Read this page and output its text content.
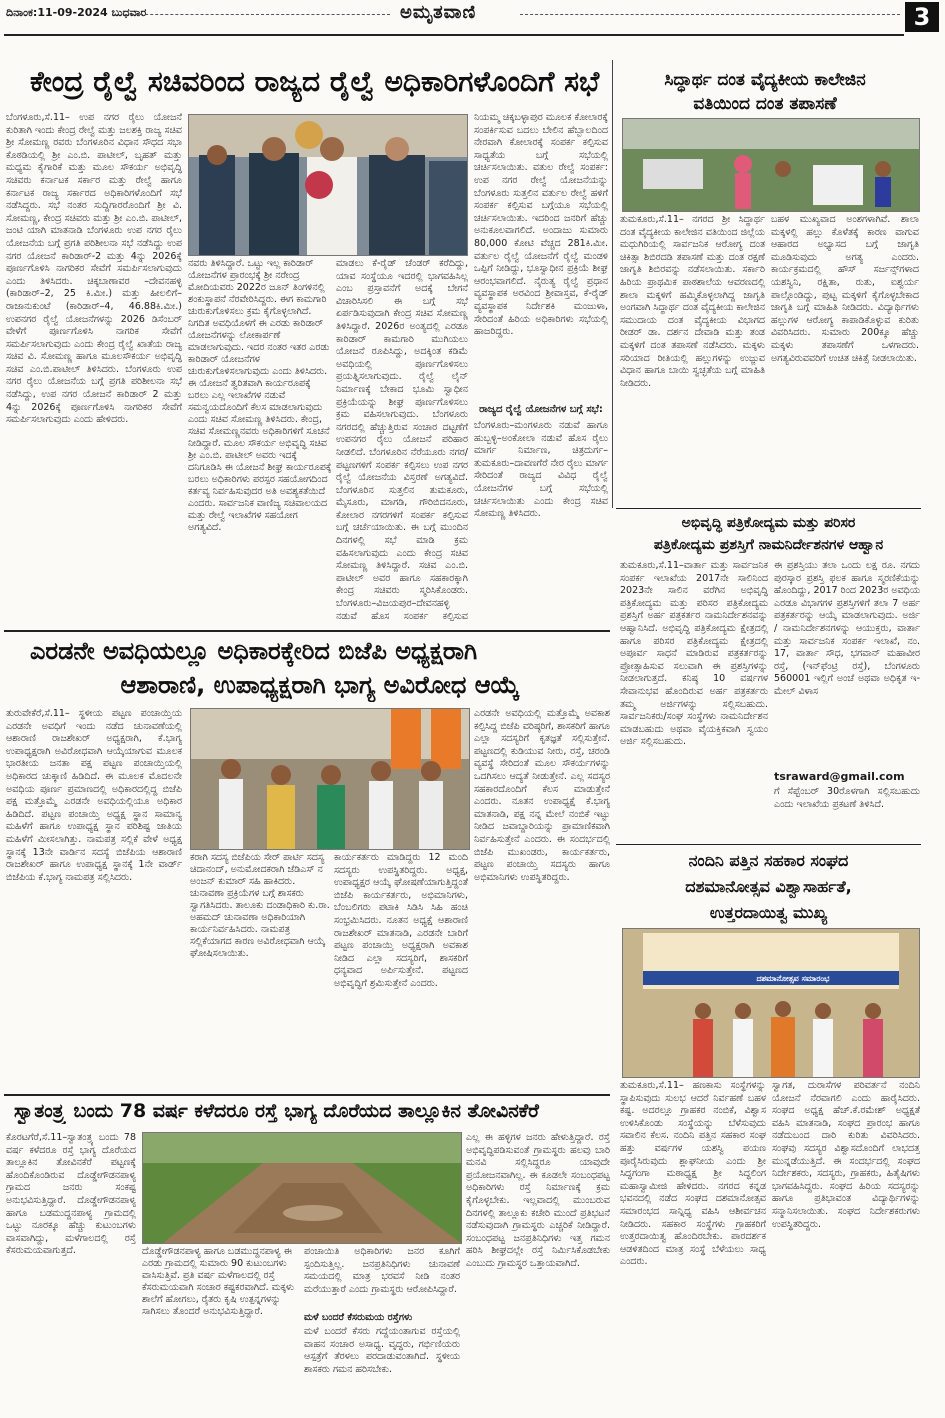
ದಿನಾಂಕ:11-09-2024 ಬುಧವಾರ	ಅಮೃತವಾಣಿ	3
ಕೇಂದ್ರ ರೈಲ್ವೆ ಸಚಿವರಿಂದ ರಾಜ್ಯದ ರೈಲ್ವೆ ಅಧಿಕಾರಿಗಳೊಂದಿಗೆ ಸಭೆ	ಸಿದ್ಧಾರ್ಥ ದಂತ ವೈದ್ಯಕೀಯ ಕಾಲೇಜಿನ
ವತಿಯಿಂದ ದಂತ ತಪಾಸಣೆ
ಬೆಂಗಳೂರು,ಸೆ.11– ಉಪ ನಗರ ರೈಲು ಯೋಜನೆ ಕುರಿತಾಗಿ ಇಂದು ಕೇಂದ್ರ ರೇಲ್ವೆ ಮತ್ತು ಜಲಶಕ್ತಿ ರಾಜ್ಯ ಸಚಿವ ಶ್ರೀ ಸೋಮಣ್ಣ ರವರು ಬೆಂಗಳೂರಿನ ವಿಧಾನ ಸೌಧದ ಸಭಾ ಕೊಠಡಿಯಲ್ಲಿ ಶ್ರೀ ಎಂ.ಬಿ. ಪಾಟೀಲ್, ಬೃಹತ್ ಮತ್ತು ಮಧ್ಯಮ ಕೈಗಾರಿಕೆ ಮತ್ತು ಮೂಲ ಸೌಕರ್ಯ ಅಭಿವೃದ್ಧಿ ಸಚಿವರು ಕರ್ನಾಟಕ ಸರ್ಕಾರ ಮತ್ತು ರೇಲ್ವೆ ಹಾಗೂ ಕರ್ನಾಟಕ ರಾಜ್ಯ ಸರ್ಕಾರದ ಅಧಿಕಾರಿಗಳೊಂದಿಗೆ ಸಭೆ ನಡೆಸಿದ್ದರು. ಸಭೆ ನಂತರ ಸುದ್ದಿಗಾರರೊಂದಿಗೆ ಶ್ರೀ ವಿ. ಸೋಮಣ್ಣ, ಕೇಂದ್ರ ಸಚಿವರು ಮತ್ತು ಶ್ರೀ ಎಂ.ಬಿ. ಪಾಟೀಲ್, ಜಂಟಿ ಯಾಗಿ ಮಾತನಾಡಿ ಬೆಂಗಳೂರು ಉಪ ನಗರ ರೈಲು ಯೋಜನೆಯ ಬಗ್ಗೆ ಪ್ರಗತಿ ಪರಿಶೀಲನಾ ಸಭೆ ನಡೆಸಿದ್ದು ಉಪ ನಗರ ಯೋಜನೆ ಕಾರಿಡಾರ್-2 ಮತ್ತು 4ನ್ನು 2026ಕ್ಕೆ ಪೂರ್ಣಗೊಳಿಸಿ ನಾಗರಿಕರ ಸೇವೆಗೆ ಸಮರ್ಪಿಸಲಾಗುವುದು ಎಂದು ತಿಳಿಸಿದರು. ಚಿಕ್ಕಬಾಣಾವರ –ದೇವನಹಳ್ಳಿ (ಕಾರಿಡಾರ್–2, 25 ಕಿ.ಮೀ.) ಮತ್ತು ಹೀಲಲಿಗೆ–ರಾಜಾನುಕುಂಟೆ (ಕಾರಿಡಾರ್–4, 46.88ಕಿ.ಮೀ.) ಉಪನಗರ ರೈಲ್ವೆ ಯೋಜನೆಗಳನ್ನು 2026 ಡಿಸೆಂಬರ್ ವೇಳೆಗೆ ಪೂರ್ಣಗೊಳಿಸಿ ನಾಗರಿಕ ಸೇವೆಗೆ ಸಮರ್ಪಿಸಲಾಗುವುದು ಎಂದು ಕೇಂದ್ರ ರೈಲ್ವೆ ಖಾತೆಯ ರಾಜ್ಯ ಸಚಿವ ವಿ. ಸೋಮಣ್ಣ ಹಾಗೂ ಮೂಲಸೌಕರ್ಯ ಅಭಿವೃದ್ಧಿ ಸಚಿವ ಎಂ.ಬಿ.ಪಾಟೀಲ್ ತಿಳಿಸಿದರು. ಬೆಂಗಳೂರು ಉಪ ನಗರ ರೈಲು ಯೋಜನೆಯ ಬಗ್ಗೆ ಪ್ರಗತಿ ಪರಿಶೀಲನಾ ಸಭೆ ನಡೆಸಿದ್ದು, ಉಪ ನಗರ ಯೋಜನೆ ಕಾರಿಡಾರ್ 2 ಮತ್ತು 4ನ್ನು 2026ಕ್ಕೆ ಪೂರ್ಣಗೊಳಿಸಿ ನಾಗರಿಕರ ಸೇವೆಗೆ ಸಮರ್ಪಿಸಲಾಗುವುದು ಎಂದು ಹೇಳಿದರು.
ನವರು ತಿಳಿಸಿದ್ದಾರೆ. ಒಟ್ಟು ಇಲ್ಲ ಕಾರಿಡಾರ್ ಯೋಜನೆಗಳ ಪ್ರಾರಂಭಕ್ಕೆ ಶ್ರೀ ನರೇಂದ್ರ ಮೋದಿಯವರು 2022ರ ಜೂನ್ ತಿಂಗಳಿನಲ್ಲಿ ಶಂಕುಸ್ಥಾಪನೆ ನೆರವೇರಿಸಿದ್ದರು. ಈಗ ಕಾಮಗಾರಿ ಚುರುಕುಗೊಳಿಸಲು ಕ್ರಮ ಕೈಗೊಳ್ಳಲಾಗಿದೆ. ನಿಗದಿತ ಅವಧಿಯೊಳಗೆ ಈ ಎರಡು ಕಾರಿಡಾರ್ ಯೋಜನೆಗಳನ್ನು ಲೋಕಾರ್ಪಣೆ ಮಾಡಲಾಗುವುದು. ಇದರ ನಂತರ ಇತರ ಎರಡು ಕಾರಿಡಾರ್ ಯೋಜನೆಗಳ ಚುರುಕುಗೊಳಿಸಲಾಗುವುದು ಎಂದು ತಿಳಿಸಿದರು. ಈ ಯೋಜನೆ ತ್ವರಿತವಾಗಿ ಕಾರ್ಯರೂಪಕ್ಕೆ ಬರಲು ಎಲ್ಲ ಇಲಾಖೆಗಳ ನಡುವೆ ಸಮನ್ವಯದೊಂದಿಗೆ ಕೆಲಸ ಮಾಡಲಾಗುವುದು ಎಂದು ಸಚಿವ ಸೋಮಣ್ಣ ತಿಳಿಸಿದರು. ಕೇಂದ್ರ, ಸಚಿವ ಸೋಮಣ್ಣನವರು ಅಧಿಕಾರಿಗಳಿಗೆ ಸೂಚನೆ ನೀಡಿದ್ದಾರೆ. ಮೂಲ ಸೌಕರ್ಯ ಅಭಿವೃದ್ಧಿ ಸಚಿವ ಶ್ರೀ ಎಂ.ಬಿ. ಪಾಟೀಲ್ ಅವರು ಇದಕ್ಕೆ ದನಿಗೂಡಿಸಿ ಈ ಯೋಜನೆ ಶೀಘ್ರ ಕಾರ್ಯರೂಪಕ್ಕೆ ಬರಲು ಅಧಿಕಾರಿಗಳು ಪರಸ್ಪರ ಸಹಯೋಗದಿಂದ ಕರ್ತವ್ಯ ನಿರ್ವಹಿಸುವುದರ ಅತಿ ಅವಶ್ಯಕತೆಯಿದೆ ಎಂದರು. ಸಾರ್ವಜನಿಕ ವಾಣಿಜ್ಯ ಸಚಿವಾಲಯದ ಮತ್ತು ರೇಲ್ವೆ ಇಲಾಖೆಗಳ ಸಹಯೋಗ ಅಗತ್ಯವಿದೆ.
ಮಾಡಲು ಕೆ-ರೈಡ್ ಚೆಂಡರ್ ಕರೆದಿದ್ದು, ಯಾವ ಸಂಸ್ಥೆಯೂ ಇದರಲ್ಲಿ ಭಾಗವಹಿಸಿಲ್ಲ ಎಂಬ ಪ್ರಸ್ತಾವನೆಗೆ ಅದಕ್ಕೆ ಬೇಗನೆ ವಿಚಾರಿಸಿಸಲಿ ಈ ಬಗ್ಗೆ ಸಭೆ ಏರ್ಪಡಿಸುವುದಾಗಿ ಕೇಂದ್ರ ಸಚಿವ ಸೋಮಣ್ಣ ತಿಳಿಸಿದ್ದಾರೆ. 2026ರ ಅಂತ್ಯದಲ್ಲಿ ಎರಡೂ ಕಾರಿಡಾರ್ ಕಾಮಗಾರಿ ಮುಗಿಯಲು ಯೋಜನೆ ರೂಪಿಸಿದ್ದು, ಅದಕ್ಕಿಂತ ಕಡಿಮೆ ಅವಧಿಯಲ್ಲಿ ಪೂರ್ಣಗೊಳಿಸಲು ಪ್ರಯತ್ನಿಸಲಾಗುವುದು. ರೈಲ್ವೆ ಲೈನ್ ನಿರ್ಮಾಣಕ್ಕೆ ಬೇಕಾದ ಭೂಮಿ ಸ್ವಾಧೀನ ಪ್ರಕ್ರಿಯೆಯನ್ನು ಶೀಘ್ರ ಪೂರ್ಣಗೊಳಿಸಲು ಕ್ರಮ ವಹಿಸಲಾಗುವುದು. ಬೆಂಗಳೂರು ನಗರದಲ್ಲಿ ಹೆಚ್ಚುತ್ತಿರುವ ಸಂಚಾರ ದಟ್ಟಣೆಗೆ ಉಪನಗರ ರೈಲು ಯೋಜನೆ ಪರಿಹಾರ ನೀಡಲಿದೆ. ಬೆಂಗಳೂರಿನ ನೆರೆಯೂರು ನಗರ/ಪಟ್ಟಣಗಳಿಗೆ ಸಂಪರ್ಕ ಕಲ್ಪಿಸಲು ಉಪ ನಗರ ರೈಲ್ವೆ ಯೋಜನೆಯ ವಿಸ್ತರಣೆ ಅಗತ್ಯವಿದೆ. ಬೆಂಗಳೂರಿನ ಸುತ್ತಲಿನ ತುಮಕೂರು, ಮೈಸೂರು, ಮಾಗಡಿ, ಗೌರಿಬಿದನೂರು, ಕೋಲಾರ ನಗರಗಳಿಗೆ ಸಂಪರ್ಕ ಕಲ್ಪಿಸುವ ಬಗ್ಗೆ ಚರ್ಚೆಯಾಯಿತು. ಈ ಬಗ್ಗೆ ಮುಂದಿನ ದಿನಗಳಲ್ಲಿ ಸಭೆ ಮಾಡಿ ಕ್ರಮ ವಹಿಸಲಾಗುವುದು ಎಂದು ಕೇಂದ್ರ ಸಚಿವ ಸೋಮಣ್ಣ ತಿಳಿಸಿದ್ದಾರೆ. ಸಚಿವ ಎಂ.ಬಿ. ಪಾಟೀಲ್ ಅವರ ಹಾಗೂ ಸಹಕಾರಕ್ಕಾಗಿ ಕೇಂದ್ರ ಸಚಿವರು ಸ್ಮರಿಸಿಕೊಂಡರು. ಬೆಂಗಳೂರು–ವಿಜಯಪುರ–ದೇವನಹಳ್ಳಿ ನಡುವೆ ಹೊಸ ಸಂಪರ್ಕ ಕಲ್ಪಿಸುವ
ನಿಯಮ್ಮ ಚಿಕ್ಕಬಳ್ಳಾಪುರ ಮೂಲಕ ಕೋಲಾರಕ್ಕೆ ಸಂಪರ್ಕಿಸುವ ಬದಲು ಬೇಲಿನ ಹೆಬ್ಬಾಲದಿಂದ ನೇರವಾಗಿ ಕೋಲಾರಕ್ಕೆ ಸಂಪರ್ಕ ಕಲ್ಪಿಸುವ ಸಾಧ್ಯತೆಯ ಬಗ್ಗೆ ಸಭೆಯಲ್ಲಿ ಚರ್ಚಿಸಲಾಯಿತು. ವತುಲ ರೇಲ್ವೆ ಸಂಪರ್ಕ: ಉಪ ನಗರ ರೇಲ್ವೆ ಯೋಜನೆಯನ್ನು ಬೆಂಗಳೂರು ಸುತ್ತಲಿನ ವರ್ತುಲ ರೇಲ್ವೆ ಹಳಿಗೆ ಸಂಪರ್ಕ ಕಲ್ಪಿಸುವ ಬಗ್ಗೆಯೂ ಸಭೆಯಲ್ಲಿ ಚರ್ಚಿಸಲಾಯಿತು. ಇದರಿಂದ ಜನರಿಗೆ ಹೆಚ್ಚು ಅನುಕೂಲವಾಗಲಿದೆ. ಅಂದಾಜು ಸುಮಾರು 80,000 ಕೋಟಿ ವೆಚ್ಚದ 281ಕಿ.ಮೀ. ವರ್ತುಲ ರೈಲ್ವೆ ಯೋಜನೆಗೆ ರೈಲ್ವೆ ಮಂಡಳಿ ಒಪ್ಪಿಗೆ ನೀಡಿದ್ದು, ಭೂಸ್ವಾಧೀನ ಪ್ರಕ್ರಿಯೆ ಶೀಘ್ರ ಆರಂಭವಾಗಲಿದೆ. ನೈರುತ್ಯ ರೈಲ್ವೆ ಪ್ರಧಾನ ವ್ಯವಸ್ಥಾಪಕ ಅರವಿಂದ ಶ್ರೀವಾಸ್ತವ, ಕೆ-ರೈಡ್ ವ್ಯವಸ್ಥಾಪಕ ನಿರ್ದೇಶಕಿ ಮಂಜುಳಾ, ಸೇರಿದಂತೆ ಹಿರಿಯ ಅಧಿಕಾರಿಗಳು ಸಭೆಯಲ್ಲಿ ಹಾಜರಿದ್ದರು.
ರಾಜ್ಯದ ರೈಲ್ವೆ ಯೋಜನೆಗಳ ಬಗ್ಗೆ ಸಭೆ:
ಬೆಂಗಳೂರು–ಮಂಗಳೂರು ನಡುವೆ ಹಾಗೂ ಹುಬ್ಬಳ್ಳಿ–ಅಂಕೋಲಾ ನಡುವೆ ಹೊಸ ರೈಲು ಮಾರ್ಗ ನಿರ್ಮಾಣ, ಚಿತ್ರದುರ್ಗ–ತುಮಕೂರು–ದಾವಣಗೆರೆ ನೇರ ರೈಲು ಮಾರ್ಗ ಸೇರಿದಂತೆ ರಾಜ್ಯದ ವಿವಿಧ ರೈಲ್ವೆ ಯೋಜನೆಗಳ ಬಗ್ಗೆ ಸಭೆಯಲ್ಲಿ ಚರ್ಚಿಸಲಾಯಿತು ಎಂದು ಕೇಂದ್ರ ಸಚಿವ ಸೋಮಣ್ಣ ತಿಳಿಸಿದರು.
ತುಮಕೂರು,ಸೆ.11– ನಗರದ ಶ್ರೀ ಸಿದ್ಧಾರ್ಥ ದಂತ ವೈದ್ಯಕೀಯ ಕಾಲೇಜಿನ ವತಿಯಿಂದ ಜಿಲ್ಲೆಯ ಮಧುಗಿರಿಯಲ್ಲಿ ಸಾರ್ವಜನಿಕ ಆರೋಗ್ಯ ದಂತ ಚಿಕಿತ್ಸಾ ಶಿಬಿರದಡಿ ತಪಾಸಣೆ ಮತ್ತು ದಂತ ರಕ್ಷಣೆ ಜಾಗೃತಿ ಶಿಬಿರವನ್ನು ನಡೆಸಲಾಯಿತು. ಸರ್ಕಾರಿ ಹಿರಿಯ ಪ್ರಾಥಮಿಕ ಪಾಠಶಾಲೆಯ ಆವರಣದಲ್ಲಿ ಶಾಲಾ ಮಕ್ಕಳಿಗೆ ಹಮ್ಮಿಕೊಳ್ಳಲಾಗಿದ್ದ ಜಾಗೃತಿ ಅಂಗವಾಗಿ ಸಿದ್ಧಾರ್ಥ ದಂತ ವೈದ್ಯಕೀಯ ಕಾಲೇಜಿನ ಸಮುದಾಯ ದಂತ ವೈದ್ಯಕೀಯ ವಿಭಾಗದ ರೀಡರ್ ಡಾ. ದರ್ಶನ ದೇವಾಡಿ ಮತ್ತು ತಂಡ ಮಕ್ಕಳಿಗೆ ದಂತ ತಪಾಸಣೆ ನಡೆಸಿದರು. ಮಕ್ಕಳು ಸರಿಯಾದ ರೀತಿಯಲ್ಲಿ ಹಲ್ಲುಗಳನ್ನು ಉಜ್ಜುವ ವಿಧಾನ ಹಾಗೂ ಬಾಯಿ ಸ್ವಚ್ಛತೆಯ ಬಗ್ಗೆ ಮಾಹಿತಿ ನೀಡಿದರು.
ಬಹಳ ಮುಖ್ಯವಾದ ಅಂಶಗಳಾಗಿವೆ. ಶಾಲಾ ಮಕ್ಕಳಲ್ಲಿ ಹಲ್ಲು ಕೊಳೆತಕ್ಕೆ ಕಾರಣ ವಾಗುವ ಆಹಾರದ ಅಭ್ಯಾಸದ ಬಗ್ಗೆ ಜಾಗೃತಿ ಮೂಡಿಸುವುದು ಅಗತ್ಯ ಎಂದರು. ಕಾರ್ಯಕ್ರಮದಲ್ಲಿ ಹೌಸ್ ಸರ್ಜನ್ಸ್‌ಗಳಾದ ಯಶಸ್ವಿನಿ, ರಕ್ಷಿತಾ, ರುತು, ಐಶ್ವರ್ಯ ಪಾಲ್ಗೊಂಡಿದ್ದು, ಪುಟ್ಟ ಮಕ್ಕಳಿಗೆ ಕೈಗೊಳ್ಳಬೇಕಾದ ಜಾಗೃತಿ ಬಗ್ಗೆ ಮಾಹಿತಿ ನೀಡಿದರು. ವಿದ್ಯಾರ್ಥಿಗಳು ಹಲ್ಲುಗಳ ಆರೋಗ್ಯ ಕಾಪಾಡಿಕೊಳ್ಳುವ ಕುರಿತು ವಿವರಿಸಿದರು. ಸುಮಾರು 200ಕ್ಕೂ ಹೆಚ್ಚು ಮಕ್ಕಳು ತಪಾಸಣೆಗೆ ಒಳಗಾದರು. ಅಗತ್ಯವಿರುವವರಿಗೆ ಉಚಿತ ಚಿಕಿತ್ಸೆ ನೀಡಲಾಯಿತು.
ಅಭಿವೃದ್ಧಿ ಪತ್ರಿಕೋದ್ಯಮ ಮತ್ತು ಪರಿಸರ
ಪತ್ರಿಕೋದ್ಯಮ ಪ್ರಶಸ್ತಿಗೆ ನಾಮನಿರ್ದೇಶನಗಳ ಆಹ್ವಾನ
ತುಮಕೂರು,ಸೆ.11–ವಾರ್ತಾ ಮತ್ತು ಸಾರ್ವಜನಿಕ ಸಂಪರ್ಕ ಇಲಾಖೆಯ 2017ನೇ ಸಾಲಿನಿಂದ 2023ನೇ ಸಾಲಿನ ವರೆಗಿನ ಅಭಿವೃದ್ಧಿ ಪತ್ರಿಕೋದ್ಯಮ ಮತ್ತು ಪರಿಸರ ಪತ್ರಿಕೋದ್ಯಮ ಪ್ರಶಸ್ತಿಗೆ ಅರ್ಹ ಪತ್ರಕರ್ತರ ನಾಮನಿರ್ದೇಶನವನ್ನು ಆಹ್ವಾನಿಸಿದೆ. ಅಭಿವೃದ್ಧಿ ಪತ್ರಿಕೋದ್ಯಮ ಕ್ಷೇತ್ರದಲ್ಲಿ ಹಾಗೂ ಪರಿಸರ ಪತ್ರಿಕೋದ್ಯಮ ಕ್ಷೇತ್ರದಲ್ಲಿ ಅಪೂರ್ವ ಸಾಧನೆ ಮಾಡಿರುವ ಪತ್ರಕರ್ತರನ್ನು ಪ್ರೋತ್ಸಾಹಿಸುವ ಸಲುವಾಗಿ ಈ ಪ್ರಶಸ್ತಿಗಳನ್ನು ನೀಡಲಾಗುತ್ತದೆ. ಕನಿಷ್ಠ 10 ವರ್ಷಗಳ ಸೇವಾನುಭವ ಹೊಂದಿರುವ ಅರ್ಹ ಪತ್ರಕರ್ತರು ತಮ್ಮ ಅರ್ಜಿಗಳನ್ನು ಸಲ್ಲಿಸಬಹುದು. ಸಾರ್ವಜನಿಕರು/ಸಂಘ ಸಂಸ್ಥೆಗಳು ನಾಮನಿರ್ದೇಶನ ಮಾಡಬಹುದು ಅಥವಾ ವೈಯಕ್ತಿಕವಾಗಿ ಸ್ವಯಂ ಅರ್ಜಿ ಸಲ್ಲಿಸಬಹುದು.
ಈ ಪ್ರಶಸ್ತಿಯು ತಲಾ ಒಂದು ಲಕ್ಷ ರೂ. ನಗದು ಪುರಸ್ಕಾರ ಪ್ರಶಸ್ತಿ ಫಲಕ ಹಾಗೂ ಸ್ಮರಣಿಕೆಯನ್ನು ಹೊಂದಿದ್ದು, 2017 ರಿಂದ 2023ರ ಅವಧಿಯ ಎರಡೂ ವಿಭಾಗಗಳ ಪ್ರಶಸ್ತಿಗಳಿಗೆ ತಲಾ 7 ಅರ್ಹ ಪತ್ರಕರ್ತರನ್ನು ಆಯ್ಕೆ ಮಾಡಲಾಗುವುದು. ಅರ್ಜಿ / ನಾಮನಿರ್ದೇಶನಗಳನ್ನು ಆಯುಕ್ತರು, ವಾರ್ತಾ ಮತ್ತು ಸಾರ್ವಜನಿಕ ಸಂಪರ್ಕ ಇಲಾಖೆ, ನಂ. 17, ವಾರ್ತಾ ಸೌಧ, ಭಗವಾನ್ ಮಹಾವೀರ ರಸ್ತೆ, (ಇನ್‌ಫೆಂಟ್ರಿ ರಸ್ತೆ), ಬೆಂಗಳೂರು 560001 ಇಲ್ಲಿಗೆ ಅಂಚೆ ಅಥವಾ ಅಧಿಕೃತ ಇ-ಮೇಲ್ ವಿಳಾಸ
tsraward@gmail.com
ಗೆ ಸೆಪ್ಟೆಂಬರ್ 30ರೊಳಗಾಗಿ ಸಲ್ಲಿಸಬಹುದು ಎಂದು ಇಲಾಖೆಯ ಪ್ರಕಟಣೆ ತಿಳಿಸಿದೆ.
ಎರಡನೇ ಅವಧಿಯಲ್ಲೂ ಅಧಿಕಾರಕ್ಕೇರಿದ ಬಿಜೆಪಿ ಅಧ್ಯಕ್ಷರಾಗಿ
ಆಶಾರಾಣಿ, ಉಪಾಧ್ಯಕ್ಷರಾಗಿ ಭಾಗ್ಯ ಅವಿರೋಧ ಆಯ್ಕೆ
ತುರುವೇಕೆರೆ,ಸೆ.11– ಸ್ಥಳೀಯ ಪಟ್ಟಣ ಪಂಚಾಯ್ತಿಯ ಎರಡನೇ ಅವಧಿಗೆ ಇಂದು ನಡೆದ ಚುನಾವಣೆಯಲ್ಲಿ ಆಶಾರಾಣಿ ರಾಜಶೇಖರ್ ಅಧ್ಯಕ್ಷರಾಗಿ, ಕೆ.ಭಾಗ್ಯ ಉಪಾಧ್ಯಕ್ಷರಾಗಿ ಅವಿರೋಧವಾಗಿ ಆಯ್ಕೆಯಾಗುವ ಮೂಲಕ ಭಾರತೀಯ ಜನತಾ ಪಕ್ಷ ಪಟ್ಟಣ ಪಂಚಾಯ್ತಿಯಲ್ಲಿ ಅಧಿಕಾರದ ಚುಕ್ಕಾಣಿ ಹಿಡಿದಿದೆ. ಈ ಮೂಲಕ ಮೊದಲನೇ ಅವಧಿಯ ಪೂರ್ಣ ಪ್ರಮಾಣದಲ್ಲಿ ಅಧಿಕಾರದಲ್ಲಿದ್ದ ಬಿಜೆಪಿ ಪಕ್ಷ ಮತ್ತೊಮ್ಮೆ ಎರಡನೇ ಅವಧಿಯಲ್ಲಿಯೂ ಅಧಿಕಾರ ಹಿಡಿದಿದೆ. ಪಟ್ಟಣ ಪಂಚಾಯ್ತಿ ಅಧ್ಯಕ್ಷ ಸ್ಥಾನ ಸಾಮಾನ್ಯ ಮಹಿಳೆಗೆ ಹಾಗೂ ಉಪಾಧ್ಯಕ್ಷ ಸ್ಥಾನ ಪರಿಶಿಷ್ಟ ಜಾತಿಯ ಮಹಿಳೆಗೆ ಮೀಸಲಾಗಿತ್ತು. ನಾಮಪತ್ರ ಸಲ್ಲಿಕೆ ವೇಳೆ ಅಧ್ಯಕ್ಷ ಸ್ಥಾನಕ್ಕೆ 13ನೇ ವಾರ್ಡಿನ ಸದಸ್ಯೆ ಬಿಜೆಪಿಯ ಆಶಾರಾಣಿ ರಾಜಶೇಖರ್ ಹಾಗೂ ಉಪಾಧ್ಯಕ್ಷ ಸ್ಥಾನಕ್ಕೆ 1ನೇ ವಾರ್ಡ್ ಬಿಜೆಪಿಯ ಕೆ.ಭಾಗ್ಯ ನಾಮಪತ್ರ ಸಲ್ಲಿಸಿದರು.
ಕರಾಗಿ ಸದಸ್ಯ ಬಿಜೆಪಿಯ ಸೇರ್ ಪಾರ್ಟಿ ಸದಸ್ಯ ಚಿದಾನಂದ್, ಅನುಮೋದಕರಾಗಿ ಜೆಡಿಎಸ್ ನ ಅಂಜನ್ ಕುಮಾರ್ ಸಹಿ ಹಾಕಿದರು. ಚುನಾವಣಾ ಪ್ರಕ್ರಿಯೆಗಳ ಬಗ್ಗೆ ಶಾಸಕರು ಸ್ವಾಗತಿಸಿದರು. ತಾಲೂಕು ದಂಡಾಧಿಕಾರಿ ಕು.ರಾ. ಅಹಮದ್ ಚುನಾವಣಾ ಅಧಿಕಾರಿಯಾಗಿ ಕಾರ್ಯನಿರ್ವಹಿಸಿದರು. ನಾಮಪತ್ರ ಸಲ್ಲಿಕೆಯಾಗದ ಕಾರಣ ಅವಿರೋಧವಾಗಿ ಆಯ್ಕೆ ಘೋಷಿಸಲಾಯಿತು.
ಕಾರ್ಯಕರ್ತರು ಮಾಡಿದ್ದರು 12 ಮಂದಿ ಸದಸ್ಯರು ಉಪಸ್ಥಿತರಿದ್ದರು. ಅಧ್ಯಕ್ಷ, ಉಪಾಧ್ಯಕ್ಷರ ಆಯ್ಕೆ ಘೋಷಣೆಯಾಗುತ್ತಿದ್ದಂತೆ ಬಿಜೆಪಿ ಕಾರ್ಯಕರ್ತರು, ಅಭಿಮಾನಿಗಳು, ಬೆಂಬಲಿಗರು ಪಟಾಕಿ ಸಿಡಿಸಿ ಸಿಹಿ ಹಂಚಿ ಸಂಭ್ರಮಿಸಿದರು. ನೂತನ ಅಧ್ಯಕ್ಷೆ ಆಶಾರಾಣಿ ರಾಜಶೇಖರ್ ಮಾತನಾಡಿ, ಎರಡನೇ ಬಾರಿಗೆ ಪಟ್ಟಣ ಪಂಚಾಯ್ತಿ ಅಧ್ಯಕ್ಷರಾಗಿ ಅವಕಾಶ ನೀಡಿದ ಎಲ್ಲಾ ಸದಸ್ಯರಿಗೆ, ಶಾಸಕರಿಗೆ ಧನ್ಯವಾದ ಅರ್ಪಿಸುತ್ತೇನೆ. ಪಟ್ಟಣದ ಅಭಿವೃದ್ಧಿಗೆ ಶ್ರಮಿಸುತ್ತೇನೆ ಎಂದರು.
ಎರಡನೇ ಅವಧಿಯಲ್ಲಿ ಮತ್ತೊಮ್ಮೆ ಅವಕಾಶ ಕಲ್ಪಿಸಿದ್ದ ಬಿಜೆಪಿ ವರಿಷ್ಠರಿಗೆ, ಶಾಸಕರಿಗೆ ಹಾಗೂ ಎಲ್ಲಾ ಸದಸ್ಯರಿಗೆ ಕೃತಜ್ಞತೆ ಸಲ್ಲಿಸುತ್ತೇನೆ. ಪಟ್ಟಣದಲ್ಲಿ ಕುಡಿಯುವ ನೀರು, ರಸ್ತೆ, ಚರಂಡಿ ವ್ಯವಸ್ಥೆ ಸೇರಿದಂತೆ ಮೂಲ ಸೌಕರ್ಯಗಳನ್ನು ಒದಗಿಸಲು ಆದ್ಯತೆ ನೀಡುತ್ತೇನೆ. ಎಲ್ಲ ಸದಸ್ಯರ ಸಹಕಾರದೊಂದಿಗೆ ಕೆಲಸ ಮಾಡುತ್ತೇನೆ ಎಂದರು. ನೂತನ ಉಪಾಧ್ಯಕ್ಷೆ ಕೆ.ಭಾಗ್ಯ ಮಾತನಾಡಿ, ಪಕ್ಷ ನನ್ನ ಮೇಲೆ ನಂಬಿಕೆ ಇಟ್ಟು ನೀಡಿದ ಜವಾಬ್ದಾರಿಯನ್ನು ಪ್ರಾಮಾಣಿಕವಾಗಿ ನಿರ್ವಹಿಸುತ್ತೇನೆ ಎಂದರು. ಈ ಸಂದರ್ಭದಲ್ಲಿ ಬಿಜೆಪಿ ಮುಖಂಡರು, ಕಾರ್ಯಕರ್ತರು, ಪಟ್ಟಣ ಪಂಚಾಯ್ತಿ ಸದಸ್ಯರು ಹಾಗೂ ಅಭಿಮಾನಿಗಳು ಉಪಸ್ಥಿತರಿದ್ದರು.
ನಂದಿನಿ ಪತ್ತಿನ ಸಹಕಾರ ಸಂಘದ
ದಶಮಾನೋತ್ಸವ ವಿಶ್ವಾಸಾರ್ಹತೆ,
ಉತ್ತರದಾಯಿತ್ವ ಮುಖ್ಯ
ದಶಮಾನೋತ್ಸವ ಸಮಾರಂಭ
ತುಮಕೂರು,ಸೆ.11– ಹಣಕಾಸು ಸಂಸ್ಥೆಗಳನ್ನು ಸ್ಥಾಪಿಸುವುದು ಸುಲಭ ಆದರೆ ನಿರ್ವಹಣೆ ಬಹಳ ಕಷ್ಟ. ಅದರಲ್ಲೂ ಗ್ರಾಹಕರ ನಂಬಿಕೆ, ವಿಶ್ವಾಸ ಉಳಿಸಿಕೊಂಡು ಸಂಸ್ಥೆಯನ್ನು ಬೆಳೆಸುವುದು ಸವಾಲಿನ ಕೆಲಸ. ನಂದಿನಿ ಪತ್ತಿನ ಸಹಕಾರ ಸಂಘ ಹತ್ತು ವರ್ಷಗಳ ಯಶಸ್ವಿ ಪಯಣ ಪೂರೈಸಿರುವುದು ಶ್ಲಾಘನೀಯ ಎಂದು ಶ್ರೀ ಸಿದ್ಧಗಂಗಾ ಮಠಾಧ್ಯಕ್ಷ ಶ್ರೀ ಸಿದ್ಧಲಿಂಗ ಮಹಾಸ್ವಾಮೀಜಿ ಹೇಳಿದರು. ನಗರದ ಕನ್ನಡ ಭವನದಲ್ಲಿ ನಡೆದ ಸಂಘದ ದಶಮಾನೋತ್ಸವ ಸಮಾರಂಭದ ಸಾನ್ನಿಧ್ಯ ವಹಿಸಿ ಆಶೀರ್ವಚನ ನೀಡಿದರು. ಸಹಕಾರ ಸಂಸ್ಥೆಗಳು ಗ್ರಾಹಕರಿಗೆ ಉತ್ತರದಾಯಿತ್ವ ಹೊಂದಿರಬೇಕು. ಪಾರದರ್ಶಕ ಆಡಳಿತದಿಂದ ಮಾತ್ರ ಸಂಸ್ಥೆ ಬೆಳೆಯಲು ಸಾಧ್ಯ ಎಂದರು.
ಸ್ವಾಗತ, ದುರಾಸೆಗಳ ಪರಿವರ್ತನೆ ನಂದಿನಿ ಯೋಜನೆ ನೆರವಾಗಲಿ ಎಂದು ಹಾರೈಸಿದರು. ಸಂಘದ ಅಧ್ಯಕ್ಷ ಹೆಚ್.ಕೆ.ರಮೇಶ್ ಅಧ್ಯಕ್ಷತೆ ವಹಿಸಿ ಮಾತನಾಡಿ, ಸಂಘದ ಪ್ರಾರಂಭ ಹಾಗೂ ನಡೆದುಬಂದ ದಾರಿ ಕುರಿತು ವಿವರಿಸಿದರು. ಸಂಘವು ಸದಸ್ಯರ ವಿಶ್ವಾಸದೊಂದಿಗೆ ಲಾಭದತ್ತ ಮುನ್ನಡೆಯುತ್ತಿದೆ. ಈ ಸಂದರ್ಭದಲ್ಲಿ ಸಂಘದ ನಿರ್ದೇಶಕರು, ಸದಸ್ಯರು, ಗ್ರಾಹಕರು, ಹಿತೈಷಿಗಳು ಭಾಗವಹಿಸಿದ್ದರು. ಸಂಘದ ಹಿರಿಯ ಸದಸ್ಯರನ್ನು ಹಾಗೂ ಪ್ರತಿಭಾವಂತ ವಿದ್ಯಾರ್ಥಿಗಳನ್ನು ಸನ್ಮಾನಿಸಲಾಯಿತು. ಸಂಘದ ನಿರ್ದೇಶಕರುಗಳು ಉಪಸ್ಥಿತರಿದ್ದರು.
ಸ್ವಾತಂತ್ರ್ಯ ಬಂದು 78 ವರ್ಷ ಕಳೆದರೂ ರಸ್ತೆ ಭಾಗ್ಯ ದೊರೆಯದ ತಾಲ್ಲೂಕಿನ ತೋವಿನಕೆರೆ
ಕೊರಟಗೆರೆ,ಸೆ.11–ಸ್ವಾತಂತ್ರ್ಯ ಬಂದು 78 ವರ್ಷ ಕಳೆದರೂ ರಸ್ತೆ ಭಾಗ್ಯ ದೊರೆಯದ ತಾಲ್ಲೂಕಿನ ತೋವಿನಕೆರೆ ಪಟ್ಟಣಕ್ಕೆ ಹೊಂದಿಕೊಂಡಿರುವ ದೊಡ್ಡೇಗೌಡನಪಾಳ್ಯ ಗ್ರಾಮದ ಜನರು ಸಂಕಷ್ಟ ಅನುಭವಿಸುತ್ತಿದ್ದಾರೆ. ದೊಡ್ಡೇಗೌಡನಪಾಳ್ಯ ಹಾಗೂ ಬಡಮುದ್ದನಪಾಳ್ಯ ಗ್ರಾಮದಲ್ಲಿ ಒಟ್ಟು ನೂರಕ್ಕೂ ಹೆಚ್ಚು ಕುಟುಂಬಗಳು ವಾಸವಾಗಿದ್ದು, ಮಳೆಗಾಲದಲ್ಲಿ ರಸ್ತೆ ಕೆಸರುಮಯವಾಗುತ್ತದೆ.	ದೊಡ್ಡೇಗೌಡನಪಾಳ್ಯ ಹಾಗೂ ಬಡಮುದ್ದನಪಾಳ್ಯ ಈ ಎರಡು ಗ್ರಾಮದಲ್ಲಿ ಸುಮಾರು 90 ಕುಟುಂಬಗಳು ವಾಸಿಸುತ್ತಿವೆ. ಪ್ರತಿ ವರ್ಷ ಮಳೆಗಾಲದಲ್ಲಿ ರಸ್ತೆ ಕೆಸರುಮಯವಾಗಿ ಸಂಚಾರ ಕಷ್ಟಕರವಾಗಿದೆ. ಮಕ್ಕಳು ಶಾಲೆಗೆ ಹೋಗಲು, ರೈತರು ಕೃಷಿ ಉತ್ಪನ್ನಗಳನ್ನು ಸಾಗಿಸಲು ತೊಂದರೆ ಅನುಭವಿಸುತ್ತಿದ್ದಾರೆ.
ಪಂಚಾಯಿತಿ ಅಧಿಕಾರಿಗಳು ಜನರ ಕೂಗಿಗೆ ಸ್ಪಂದಿಸುತ್ತಿಲ್ಲ. ಜನಪ್ರತಿನಿಧಿಗಳು ಚುನಾವಣೆ ಸಮಯದಲ್ಲಿ ಮಾತ್ರ ಭರವಸೆ ನೀಡಿ ನಂತರ ಮರೆಯುತ್ತಾರೆ ಎಂದು ಗ್ರಾಮಸ್ಥರು ಆರೋಪಿಸಿದ್ದಾರೆ.
ಮಳೆ ಬಂದರೆ ಕೆಸರುಮಯ ರಸ್ತೆಗಳು
ಮಳೆ ಬಂದರೆ ಕೆಸರು ಗದ್ದೆಯಂತಾಗುವ ರಸ್ತೆಯಲ್ಲಿ ವಾಹನ ಸಂಚಾರ ಅಸಾಧ್ಯ. ವೃದ್ಧರು, ಗರ್ಭಿಣಿಯರು ಆಸ್ಪತ್ರೆಗೆ ತೆರಳಲು ಪರದಾಡುವಂತಾಗಿದೆ. ಸ್ಥಳೀಯ ಶಾಸಕರು ಗಮನ ಹರಿಸಬೇಕು.
ಎಲ್ಲ ಈ ಹಳ್ಳಿಗಳ ಜನರು ಹೇಳುತ್ತಿದ್ದಾರೆ. ರಸ್ತೆ ಅಭಿವೃದ್ಧಿಪಡಿಸುವಂತೆ ಗ್ರಾಮಸ್ಥರು ಹಲವು ಬಾರಿ ಮನವಿ ಸಲ್ಲಿಸಿದ್ದರೂ ಯಾವುದೇ ಪ್ರಯೋಜನವಾಗಿಲ್ಲ. ಈ ಕೂಡಲೇ ಸಂಬಂಧಪಟ್ಟ ಅಧಿಕಾರಿಗಳು ರಸ್ತೆ ನಿರ್ಮಾಣಕ್ಕೆ ಕ್ರಮ ಕೈಗೊಳ್ಳಬೇಕು. ಇಲ್ಲವಾದಲ್ಲಿ ಮುಂಬರುವ ದಿನಗಳಲ್ಲಿ ತಾಲ್ಲೂಕು ಕಚೇರಿ ಮುಂದೆ ಪ್ರತಿಭಟನೆ ನಡೆಸುವುದಾಗಿ ಗ್ರಾಮಸ್ಥರು ಎಚ್ಚರಿಕೆ ನೀಡಿದ್ದಾರೆ. ಸಂಬಂಧಪಟ್ಟ ಜನಪ್ರತಿನಿಧಿಗಳು ಇತ್ತ ಗಮನ ಹರಿಸಿ ಶೀಘ್ರದಲ್ಲೇ ರಸ್ತೆ ನಿರ್ಮಿಸಿಕೊಡಬೇಕು ಎಂಬುದು ಗ್ರಾಮಸ್ಥರ ಒತ್ತಾಯವಾಗಿದೆ.
